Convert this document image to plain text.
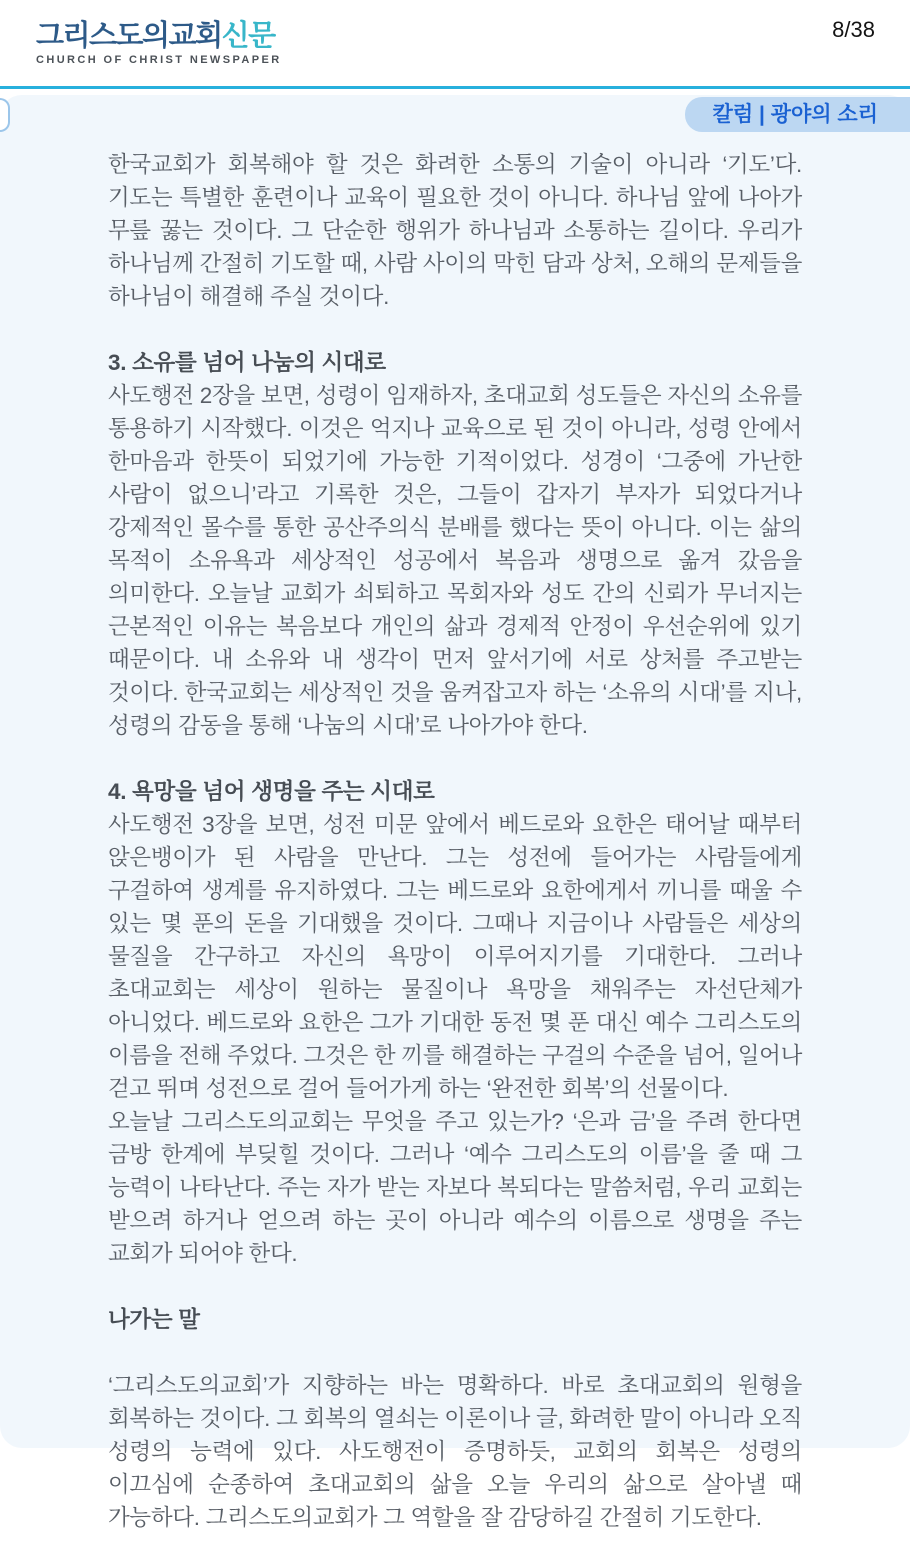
그리스도의교회신문
CHURCH OF CHRIST NEWSPAPER
8/38
칼럼 | 광야의 소리

한국교회가 회복해야 할 것은 화려한 소통의 기술이 아니라 ‘기도’다. 기도는 특별한 훈련이나 교육이 필요한 것이 아니다. 하나님 앞에 나아가 무릎 꿇는 것이다. 그 단순한 행위가 하나님과 소통하는 길이다. 우리가 하나님께 간절히 기도할 때, 사람 사이의 막힌 담과 상처, 오해의 문제들을 하나님이 해결해 주실 것이다.

3. 소유를 넘어 나눔의 시대로

사도행전 2장을 보면, 성령이 임재하자, 초대교회 성도들은 자신의 소유를 통용하기 시작했다. 이것은 억지나 교육으로 된 것이 아니라, 성령 안에서 한마음과 한뜻이 되었기에 가능한 기적이었다. 성경이 ‘그중에 가난한 사람이 없으니’라고 기록한 것은, 그들이 갑자기 부자가 되었다거나 강제적인 몰수를 통한 공산주의식 분배를 했다는 뜻이 아니다. 이는 삶의 목적이 소유욕과 세상적인 성공에서 복음과 생명으로 옮겨 갔음을 의미한다. 오늘날 교회가 쇠퇴하고 목회자와 성도 간의 신뢰가 무너지는 근본적인 이유는 복음보다 개인의 삶과 경제적 안정이 우선순위에 있기 때문이다. 내 소유와 내 생각이 먼저 앞서기에 서로 상처를 주고받는 것이다. 한국교회는 세상적인 것을 움켜잡고자 하는 ‘소유의 시대’를 지나, 성령의 감동을 통해 ‘나눔의 시대’로 나아가야 한다.

4. 욕망을 넘어 생명을 주는 시대로

사도행전 3장을 보면, 성전 미문 앞에서 베드로와 요한은 태어날 때부터 앉은뱅이가 된 사람을 만난다. 그는 성전에 들어가는 사람들에게 구걸하여 생계를 유지하였다. 그는 베드로와 요한에게서 끼니를 때울 수 있는 몇 푼의 돈을 기대했을 것이다. 그때나 지금이나 사람들은 세상의 물질을 간구하고 자신의 욕망이 이루어지기를 기대한다. 그러나 초대교회는 세상이 원하는 물질이나 욕망을 채워주는 자선단체가 아니었다. 베드로와 요한은 그가 기대한 동전 몇 푼 대신 예수 그리스도의 이름을 전해 주었다. 그것은 한 끼를 해결하는 구걸의 수준을 넘어, 일어나 걷고 뛰며 성전으로 걸어 들어가게 하는 ‘완전한 회복’의 선물이다.

오늘날 그리스도의교회는 무엇을 주고 있는가? ‘은과 금’을 주려 한다면 금방 한계에 부딪힐 것이다. 그러나 ‘예수 그리스도의 이름’을 줄 때 그 능력이 나타난다. 주는 자가 받는 자보다 복되다는 말씀처럼, 우리 교회는 받으려 하거나 얻으려 하는 곳이 아니라 예수의 이름으로 생명을 주는 교회가 되어야 한다.

나가는 말

‘그리스도의교회’가 지향하는 바는 명확하다. 바로 초대교회의 원형을 회복하는 것이다. 그 회복의 열쇠는 이론이나 글, 화려한 말이 아니라 오직 성령의 능력에 있다. 사도행전이 증명하듯, 교회의 회복은 성령의 이끄심에 순종하여 초대교회의 삶을 오늘 우리의 삶으로 살아낼 때 가능하다. 그리스도의교회가 그 역할을 잘 감당하길 간절히 기도한다.
